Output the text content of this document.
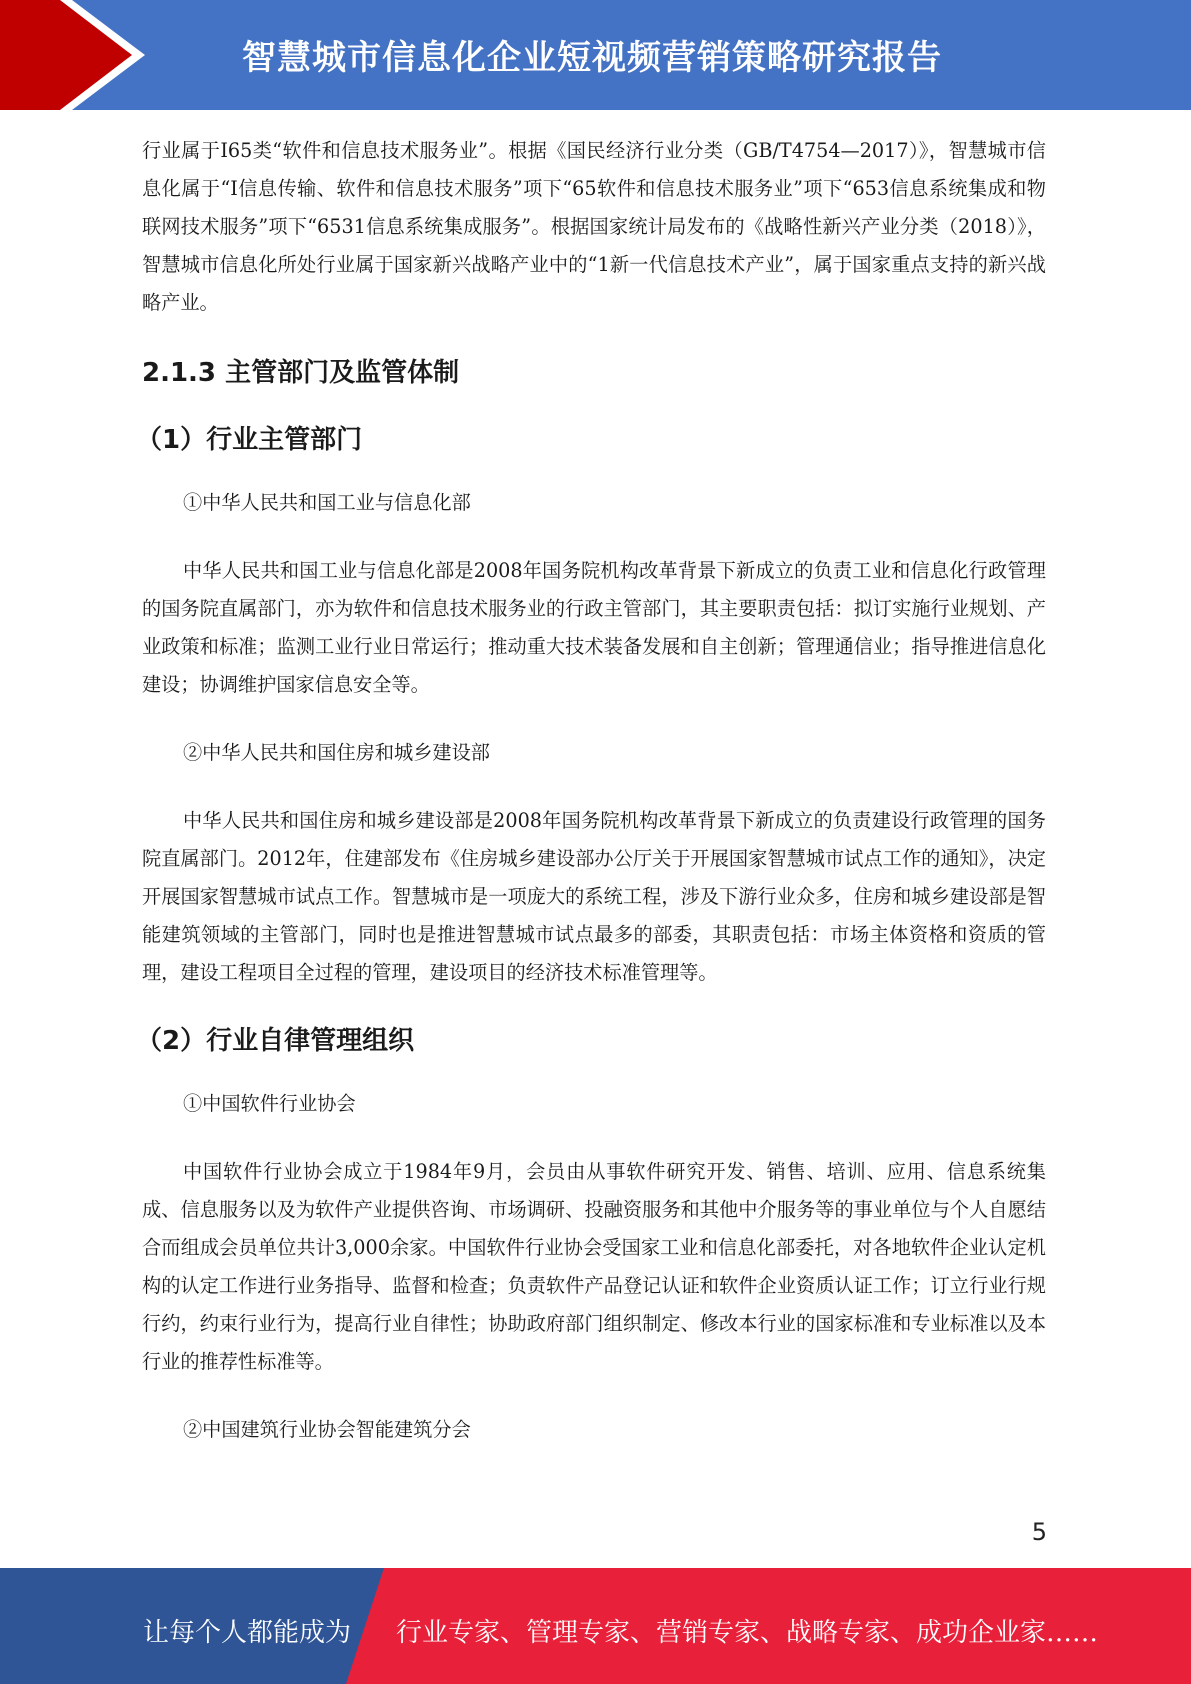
智慧城市信息化企业短视频营销策略研究报告

行业属于I65类“软件和信息技术服务业”。根据《国民经济行业分类（GB/T4754—2017）》，智慧城市信息化属于“I信息传输、软件和信息技术服务”项下“65软件和信息技术服务业”项下“653信息系统集成和物联网技术服务”项下“6531信息系统集成服务”。根据国家统计局发布的《战略性新兴产业分类（2018）》，智慧城市信息化所处行业属于国家新兴战略产业中的“1新一代信息技术产业”，属于国家重点支持的新兴战略产业。

2.1.3 主管部门及监管体制

（1）行业主管部门

①中华人民共和国工业与信息化部

中华人民共和国工业与信息化部是2008年国务院机构改革背景下新成立的负责工业和信息化行政管理的国务院直属部门，亦为软件和信息技术服务业的行政主管部门，其主要职责包括：拟订实施行业规划、产业政策和标准；监测工业行业日常运行；推动重大技术装备发展和自主创新；管理通信业；指导推进信息化建设；协调维护国家信息安全等。

②中华人民共和国住房和城乡建设部

中华人民共和国住房和城乡建设部是2008年国务院机构改革背景下新成立的负责建设行政管理的国务院直属部门。2012年，住建部发布《住房城乡建设部办公厅关于开展国家智慧城市试点工作的通知》，决定开展国家智慧城市试点工作。智慧城市是一项庞大的系统工程，涉及下游行业众多，住房和城乡建设部是智能建筑领域的主管部门，同时也是推进智慧城市试点最多的部委，其职责包括：市场主体资格和资质的管理，建设工程项目全过程的管理，建设项目的经济技术标准管理等。

（2）行业自律管理组织

①中国软件行业协会

中国软件行业协会成立于1984年9月，会员由从事软件研究开发、销售、培训、应用、信息系统集成、信息服务以及为软件产业提供咨询、市场调研、投融资服务和其他中介服务等的事业单位与个人自愿结合而组成会员单位共计3,000余家。中国软件行业协会受国家工业和信息化部委托，对各地软件企业认定机构的认定工作进行业务指导、监督和检查；负责软件产品登记认证和软件企业资质认证工作；订立行业行规行约，约束行业行为，提高行业自律性；协助政府部门组织制定、修改本行业的国家标准和专业标准以及本行业的推荐性标准等。

②中国建筑行业协会智能建筑分会

5
让每个人都能成为 行业专家、管理专家、营销专家、战略专家、成功企业家……
